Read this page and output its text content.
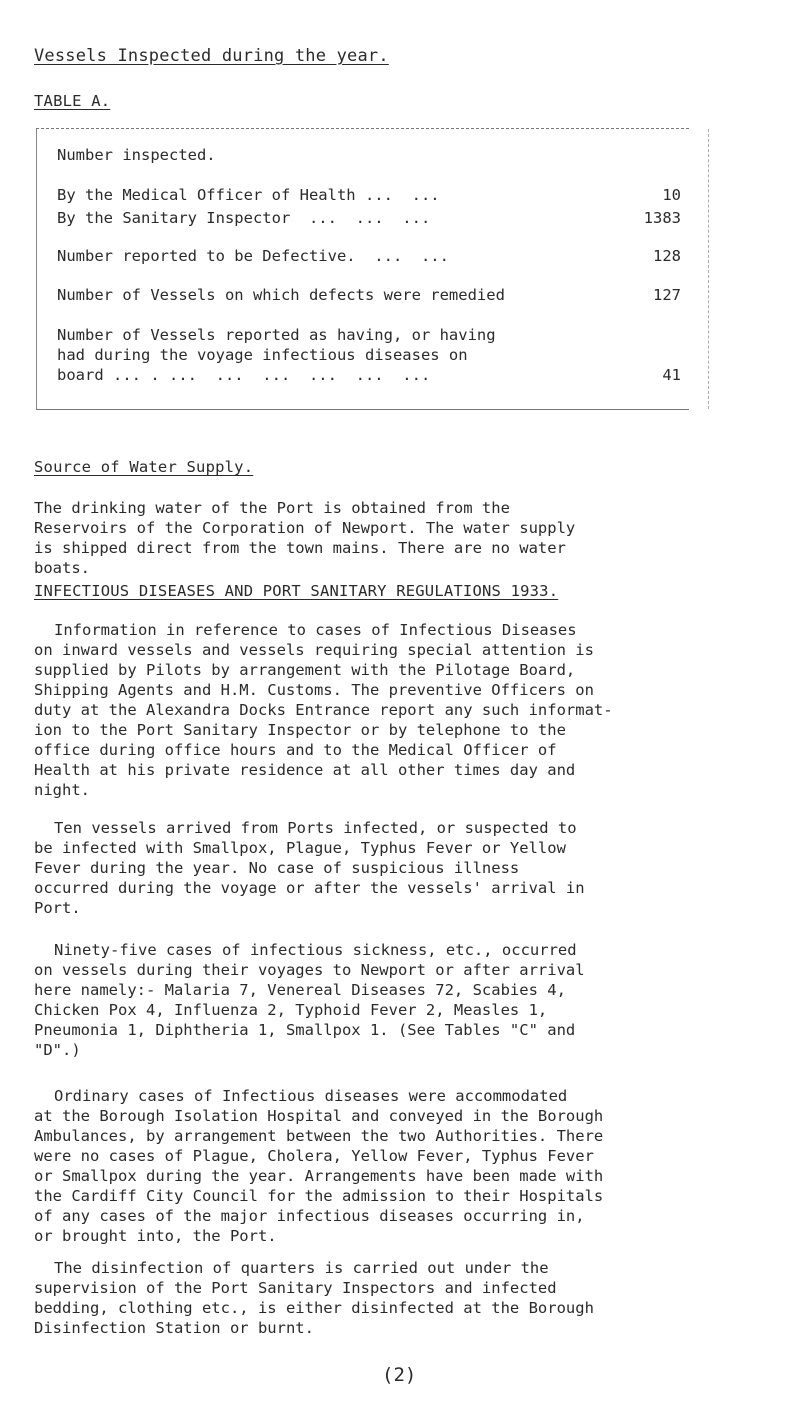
Vessels Inspected during the year.
TABLE A.
Number inspected.
By the Medical Officer of Health ...  ...	10
By the Sanitary Inspector  ...  ...  ...	1383
Number reported to be Defective.  ...  ...	128
Number of Vessels on which defects were remedied	127
Number of Vessels reported as having, or having
had during the voyage infectious diseases on
board ... . ...  ...  ...  ...  ...  ...	41
Source of Water Supply.
The drinking water of the Port is obtained from the
Reservoirs of the Corporation of Newport. The water supply
is shipped direct from the town mains. There are no water
boats.
INFECTIOUS DISEASES AND PORT SANITARY REGULATIONS 1933.
Information in reference to cases of Infectious Diseases
on inward vessels and vessels requiring special attention is
supplied by Pilots by arrangement with the Pilotage Board,
Shipping Agents and H.M. Customs. The preventive Officers on
duty at the Alexandra Docks Entrance report any such informat-
ion to the Port Sanitary Inspector or by telephone to the
office during office hours and to the Medical Officer of
Health at his private residence at all other times day and
night.
Ten vessels arrived from Ports infected, or suspected to
be infected with Smallpox, Plague, Typhus Fever or Yellow
Fever during the year. No case of suspicious illness
occurred during the voyage or after the vessels' arrival in
Port.
Ninety-five cases of infectious sickness, etc., occurred
on vessels during their voyages to Newport or after arrival
here namely:- Malaria 7, Venereal Diseases 72, Scabies 4,
Chicken Pox 4, Influenza 2, Typhoid Fever 2, Measles 1,
Pneumonia 1, Diphtheria 1, Smallpox 1. (See Tables "C" and
"D".)
Ordinary cases of Infectious diseases were accommodated
at the Borough Isolation Hospital and conveyed in the Borough
Ambulances, by arrangement between the two Authorities. There
were no cases of Plague, Cholera, Yellow Fever, Typhus Fever
or Smallpox during the year. Arrangements have been made with
the Cardiff City Council for the admission to their Hospitals
of any cases of the major infectious diseases occurring in,
or brought into, the Port.
The disinfection of quarters is carried out under the
supervision of the Port Sanitary Inspectors and infected
bedding, clothing etc., is either disinfected at the Borough
Disinfection Station or burnt.
(2)
